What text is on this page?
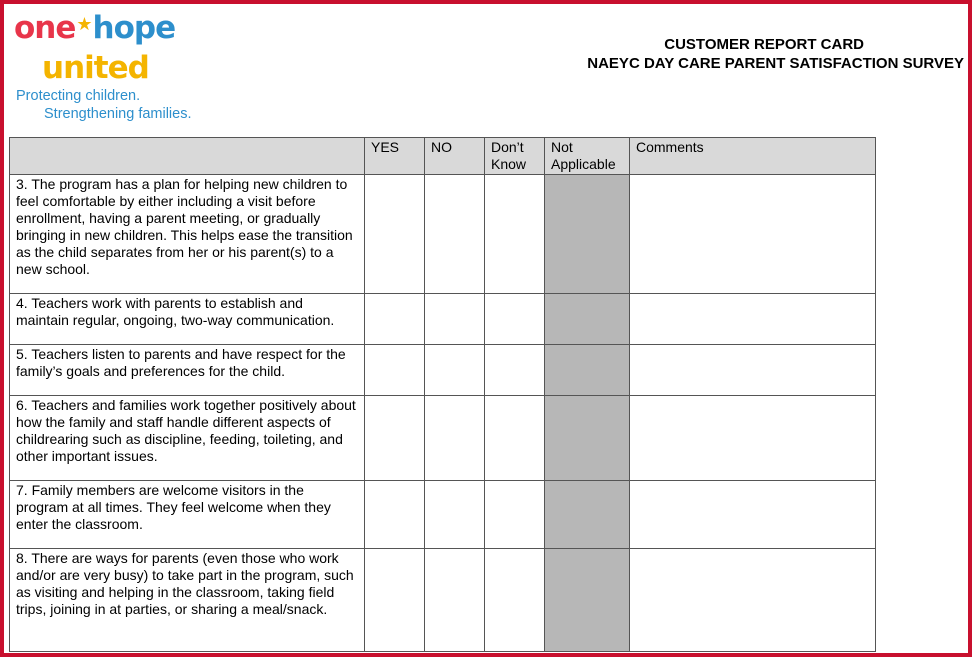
one★hope
united
Protecting children.
Strengthening families.
CUSTOMER REPORT CARD
NAEYC DAY CARE PARENT SATISFACTION SURVEY
	YES	NO	Don’t Know	Not Applicable	Comments
3. The program has a plan for helping new children to feel comfortable by either including a visit before enrollment, having a parent meeting, or gradually bringing in new children. This helps ease the transition as the child separates from her or his parent(s) to a new school.					
4. Teachers work with parents to establish and maintain regular, ongoing, two-way communication.					
5. Teachers listen to parents and have respect for the family’s goals and preferences for the child.					
6. Teachers and families work together positively about how the family and staff handle different aspects of childrearing such as discipline, feeding, toileting, and other important issues.					
7. Family members are welcome visitors in the program at all times. They feel welcome when they enter the classroom.					
8. There are ways for parents (even those who work and/or are very busy) to take part in the program, such as visiting and helping in the classroom, taking field trips, joining in at parties, or sharing a meal/snack.					
